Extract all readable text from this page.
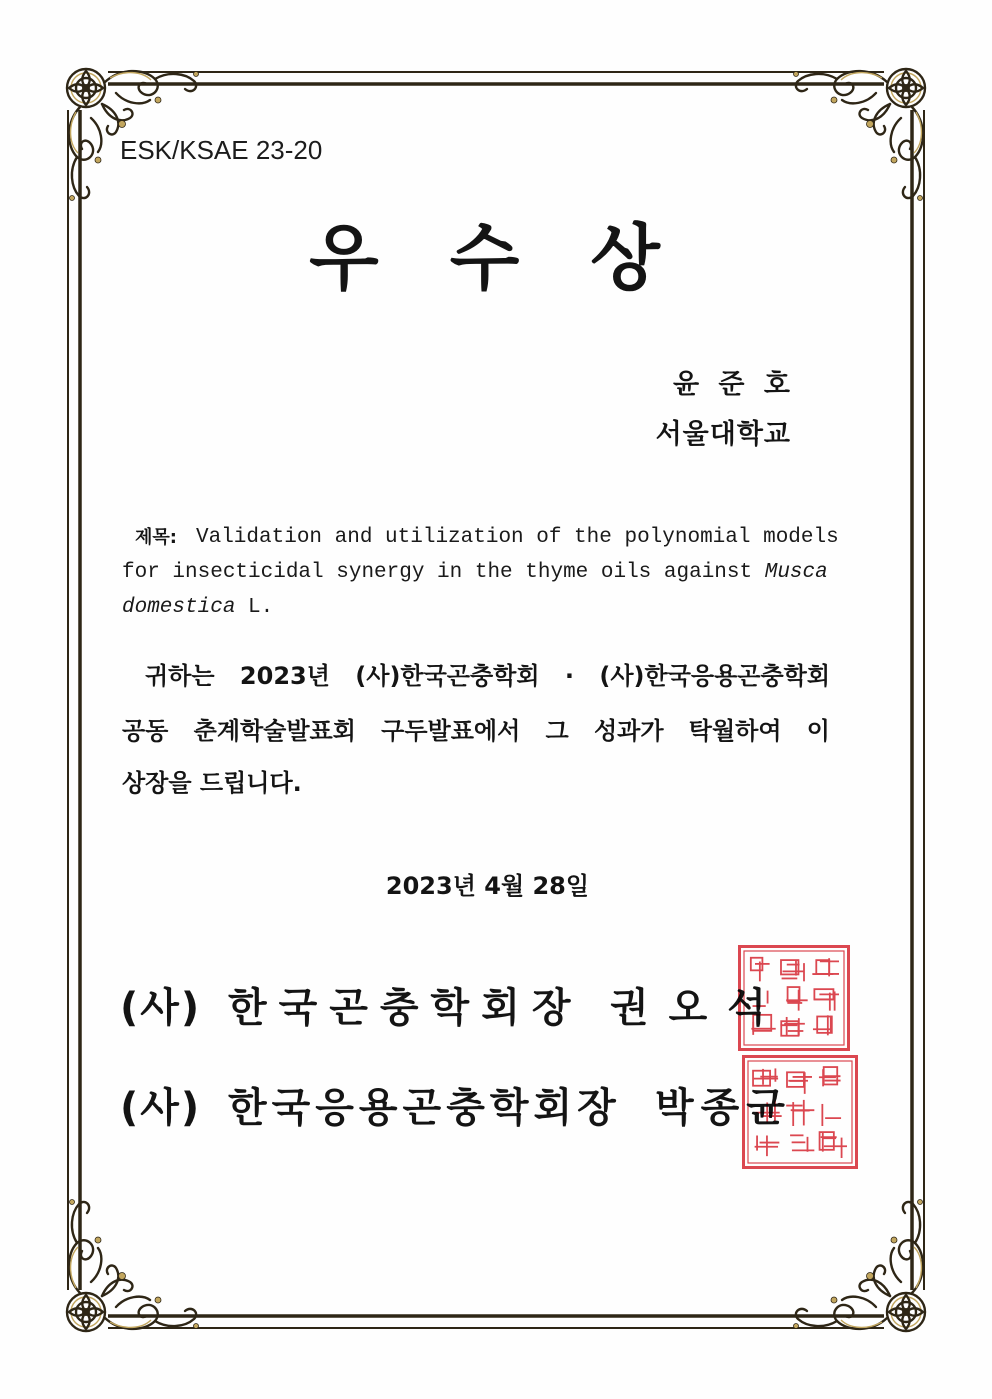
ESK/KSAE 23-20
우 수 상
윤 준 호
서울대학교
제목: Validation and utilization of the polynomial models
for insecticidal synergy in the thyme oils against Musca
domestica L.
귀하는 2023년 (사)한국곤충학회 · (사)한국응용곤충학회
공동 춘계학술발표회 구두발표에서 그 성과가 탁월하여 이
상장을 드립니다.
2023년 4월 28일
(사) 한국곤충학회장 권오석
(사) 한국응용곤충학회장 박종균
